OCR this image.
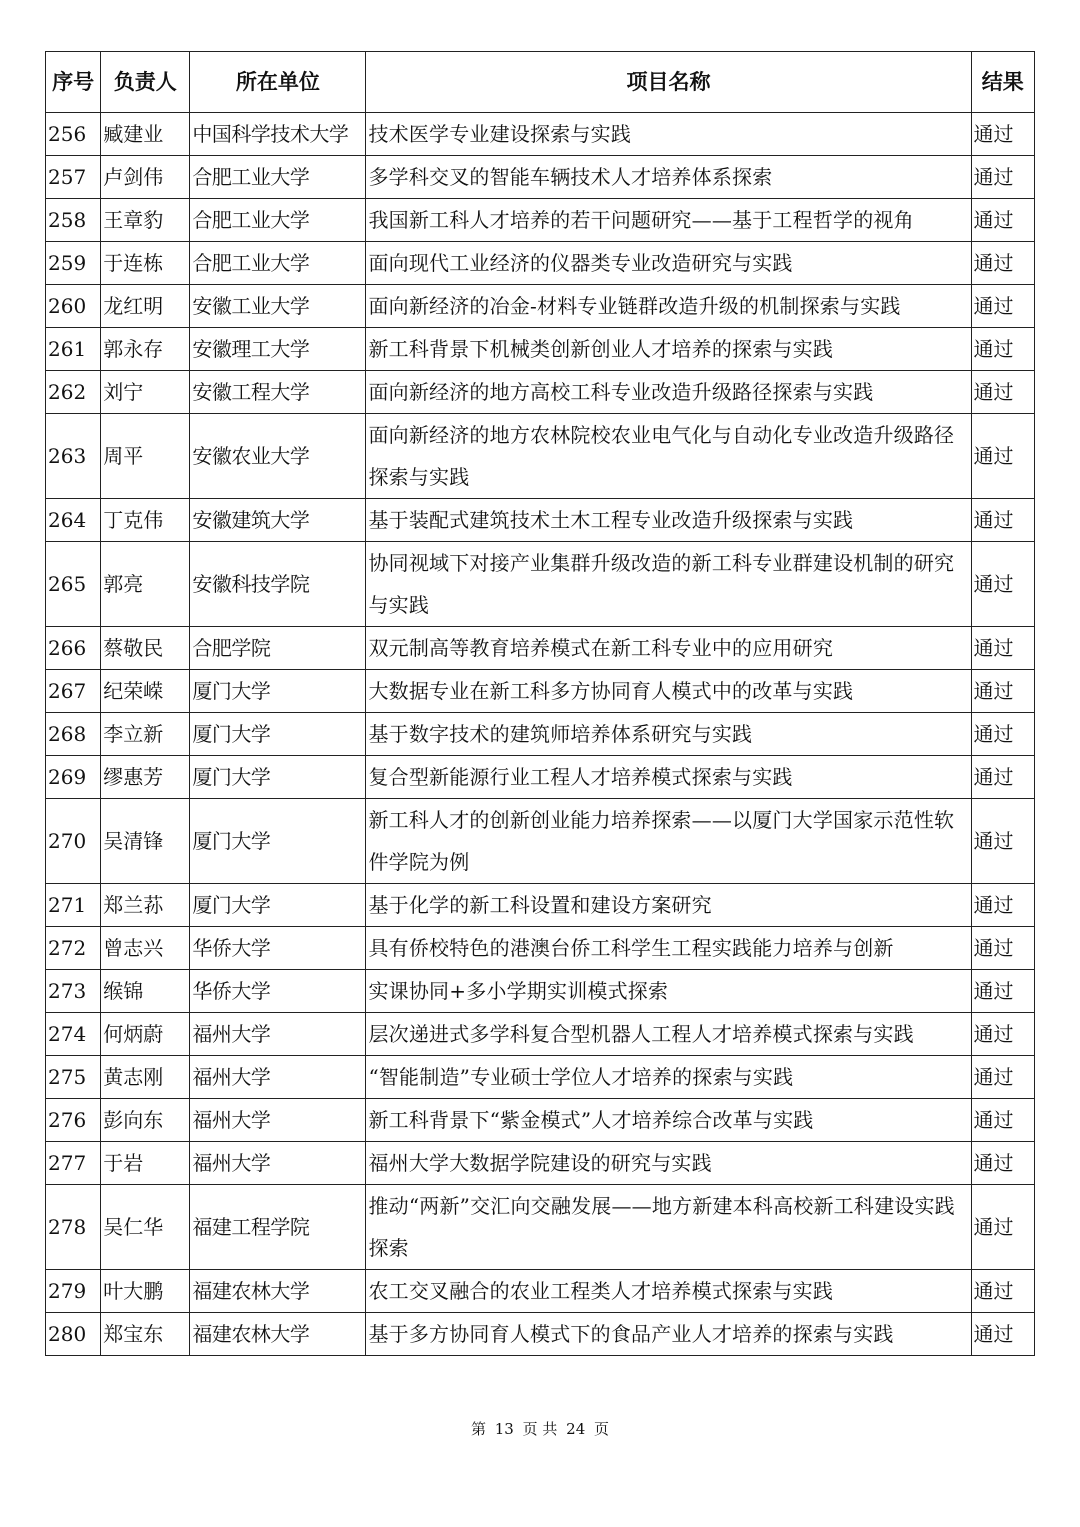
序号	负责人	所在单位	项目名称	结果
256	臧建业	中国科学技术大学	技术医学专业建设探索与实践	通过
257	卢剑伟	合肥工业大学	多学科交叉的智能车辆技术人才培养体系探索	通过
258	王章豹	合肥工业大学	我国新工科人才培养的若干问题研究——基于工程哲学的视角	通过
259	于连栋	合肥工业大学	面向现代工业经济的仪器类专业改造研究与实践	通过
260	龙红明	安徽工业大学	面向新经济的冶金-材料专业链群改造升级的机制探索与实践	通过
261	郭永存	安徽理工大学	新工科背景下机械类创新创业人才培养的探索与实践	通过
262	刘宁	安徽工程大学	面向新经济的地方高校工科专业改造升级路径探索与实践	通过
263	周平	安徽农业大学	面向新经济的地方农林院校农业电气化与自动化专业改造升级路径探索与实践	通过
264	丁克伟	安徽建筑大学	基于装配式建筑技术土木工程专业改造升级探索与实践	通过
265	郭亮	安徽科技学院	协同视域下对接产业集群升级改造的新工科专业群建设机制的研究与实践	通过
266	蔡敬民	合肥学院	双元制高等教育培养模式在新工科专业中的应用研究	通过
267	纪荣嵘	厦门大学	大数据专业在新工科多方协同育人模式中的改革与实践	通过
268	李立新	厦门大学	基于数字技术的建筑师培养体系研究与实践	通过
269	缪惠芳	厦门大学	复合型新能源行业工程人才培养模式探索与实践	通过
270	吴清锋	厦门大学	新工科人才的创新创业能力培养探索——以厦门大学国家示范性软件学院为例	通过
271	郑兰荪	厦门大学	基于化学的新工科设置和建设方案研究	通过
272	曾志兴	华侨大学	具有侨校特色的港澳台侨工科学生工程实践能力培养与创新	通过
273	缑锦	华侨大学	实课协同+多小学期实训模式探索	通过
274	何炳蔚	福州大学	层次递进式多学科复合型机器人工程人才培养模式探索与实践	通过
275	黄志刚	福州大学	“智能制造”专业硕士学位人才培养的探索与实践	通过
276	彭向东	福州大学	新工科背景下“紫金模式”人才培养综合改革与实践	通过
277	于岩	福州大学	福州大学大数据学院建设的研究与实践	通过
278	吴仁华	福建工程学院	推动“两新”交汇向交融发展——地方新建本科高校新工科建设实践探索	通过
279	叶大鹏	福建农林大学	农工交叉融合的农业工程类人才培养模式探索与实践	通过
280	郑宝东	福建农林大学	基于多方协同育人模式下的食品产业人才培养的探索与实践	通过
第 13 页 共 24 页
